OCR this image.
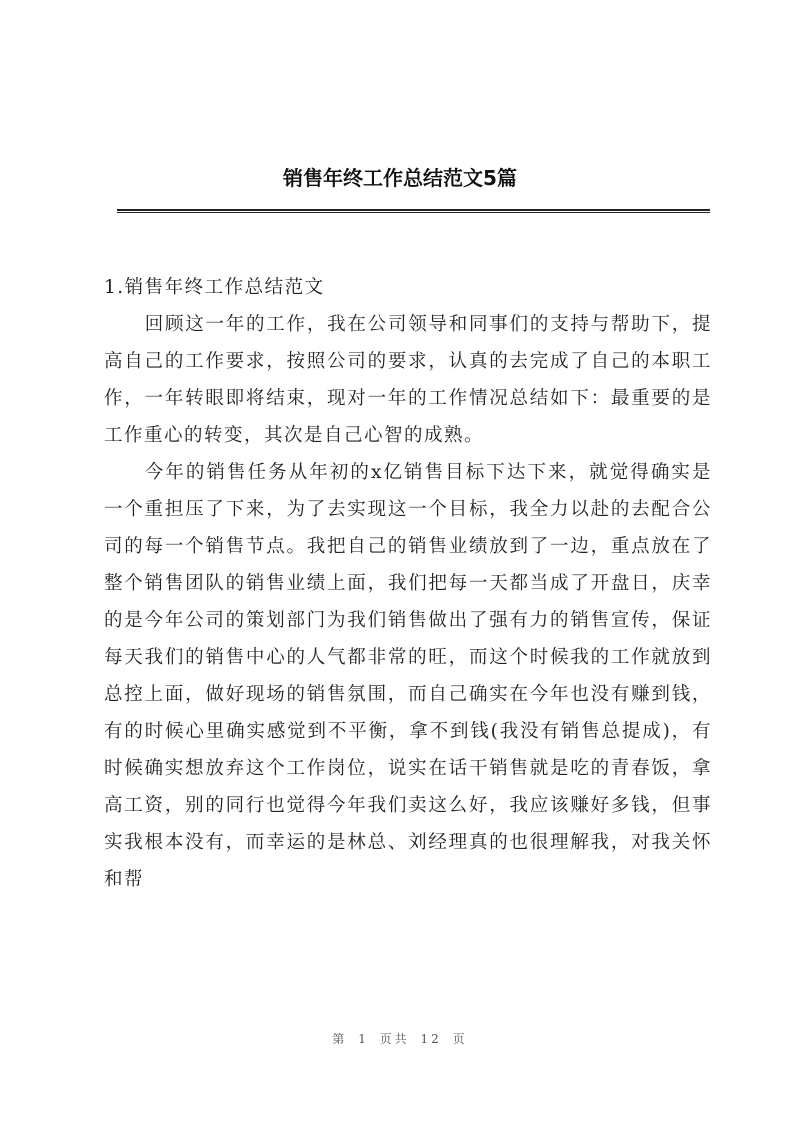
销售年终工作总结范文5篇

1.销售年终工作总结范文

回顾这一年的工作，我在公司领导和同事们的支持与帮助下，提高自己的工作要求，按照公司的要求，认真的去完成了自己的本职工作，一年转眼即将结束，现对一年的工作情况总结如下：最重要的是工作重心的转变，其次是自己心智的成熟。

今年的销售任务从年初的x亿销售目标下达下来，就觉得确实是一个重担压了下来，为了去实现这一个目标，我全力以赴的去配合公司的每一个销售节点。我把自己的销售业绩放到了一边，重点放在了整个销售团队的销售业绩上面，我们把每一天都当成了开盘日，庆幸的是今年公司的策划部门为我们销售做出了强有力的销售宣传，保证每天我们的销售中心的人气都非常的旺，而这个时候我的工作就放到总控上面，做好现场的销售氛围，而自己确实在今年也没有赚到钱，有的时候心里确实感觉到不平衡，拿不到钱(我没有销售总提成)，有时候确实想放弃这个工作岗位，说实在话干销售就是吃的青春饭，拿高工资，别的同行也觉得今年我们卖这么好，我应该赚好多钱，但事实我根本没有，而幸运的是林总、刘经理真的也很理解我，对我关怀和帮

第 1 页共 12 页
